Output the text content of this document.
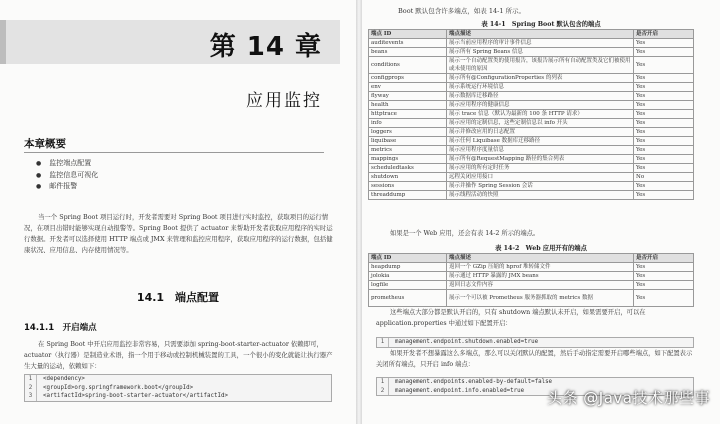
第 14 章
应用监控
本章概要
● 监控端点配置
● 监控信息可视化
● 邮件报警

当一个 Spring Boot 项目运行时，开发者需要对 Spring Boot 项目进行实时监控，获取项目的运行情况，在项目出错时能够实现自动报警等。Spring Boot 提供了 actuator 来帮助开发者获取应用程序的实时运行数据。开发者可以选择使用 HTTP 端点或 JMX 来管理和监控应用程序，获取应用程序的运行数据，包括健康状况、应用信息、内存使用情况等。

14.1　端点配置
14.1.1　开启端点

在 Spring Boot 中开启应用监控非常容易，只需要添加 spring-boot-starter-actuator 依赖即可，actuator（执行器）是制造业术语，指一个用于移动或控制机械装置的工具，一个很小的变化就能让执行器产生大量的运动，依赖如下：

1	<dependency>
2	<groupId>org.springframework.boot</groupId>
3	<artifactId>spring-boot-starter-actuator</artifactId>
Boot 默认包含许多端点，如表 14-1 所示。
表 14-1　Spring Boot 默认包含的端点
端点 ID	端点描述	是否开启
auditevents	展示当前应用程序的审计事件信息	Yes
beans	展示所有 Spring Beans 信息	Yes
conditions	展示一个自动配置类的使用报告，该报告展示所有自动配置类及它们被使用或未使用的原因	Yes
configprops	展示所有@ConfigurationProperties 的列表	Yes
env	展示系统运行环境信息	Yes
flyway	展示数据库迁移路径	Yes
health	展示应用程序的健康信息	Yes
httptrace	展示 trace 信息（默认为最新的 100 条 HTTP 请求）	Yes
info	展示应用的定制信息，这些定制信息以 info 开头	Yes
loggers	展示并修改应用的日志配置	Yes
liquibase	展示任何 Liquibase 数据库迁移路径	Yes
metrics	展示应用程序度量信息	Yes
mappings	展示所有@RequestMapping 路径的集合列表	Yes
scheduledtasks	展示应用的所有定时任务	Yes
shutdown	远程关闭应用接口	No
sessions	展示并操作 Spring Session 会话	Yes
threaddump	展示线程活动的快照	Yes

如果是一个 Web 应用，还会有表 14-2 所示的端点。

表 14-2　Web 应用开有的端点
端点 ID	端点描述	是否开启
heapdump	返回一个 GZip 压缩的 hprof 堆转储文件	Yes
jolokia	展示通过 HTTP 暴露的 JMX beans	Yes
logfile	返回日志文件内容	Yes
prometheus	展示一个可以被 Prometheus 服务器抓取的 metrics 数据	Yes

这些端点大部分都是默认开启的，只有 shutdown 端点默认未开启，如果需要开启，可以在 application.properties 中通过如下配置开启：

1	management.endpoint.shutdown.enabled=true

如果开发者不想暴露这么多端点，那么可以关闭默认的配置，然后手动指定需要开启哪些端点，如下配置表示关闭所有端点，只开启 info 端点：

1	management.endpoints.enabled-by-default=false
2	management.endpoint.info.enabled=true 头条 @Java技术那些事
